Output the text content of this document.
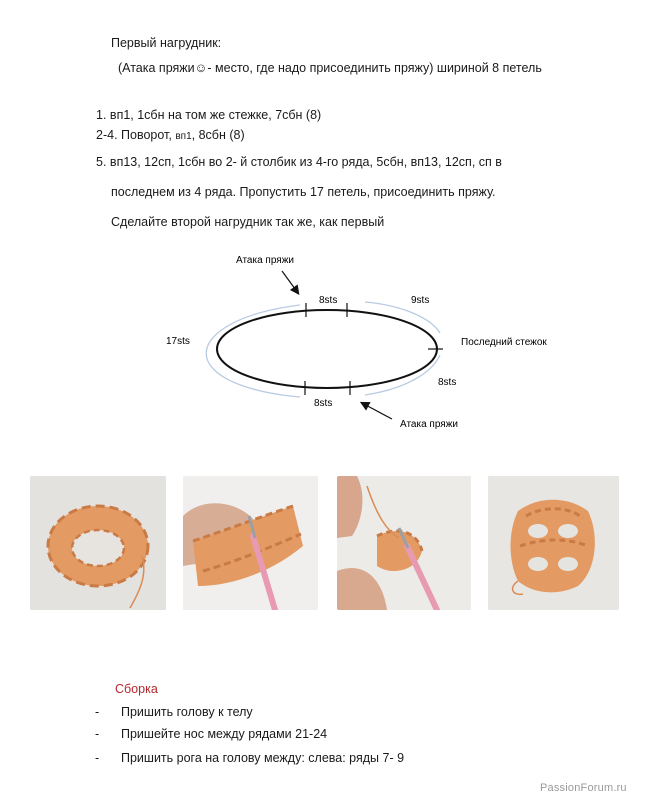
Первый нагрудник:
(Атака пряжи☺- место, где надо присоединить пряжу) шириной 8 петель
1. вп1, 1сбн на том же стежке, 7сбн (8)
2-4. Поворот, вп1, 8сбн (8)
5. вп13, 12сп, 1сбн во 2- й столбик из 4-го ряда, 5сбн, вп13, 12сп, сп в
последнем из 4 ряда. Пропустить 17 петель, присоединить пряжу.
Сделайте второй нагрудник так же, как первый
Атака пряжи
8sts	9sts
17sts	Последний стежок
8sts
8sts
Атака пряжи
Сборка
- Пришить голову к телу
- Пришейте нос между рядами 21-24
- Пришить рога на голову между: слева: ряды 7- 9
PassionForum.ru
